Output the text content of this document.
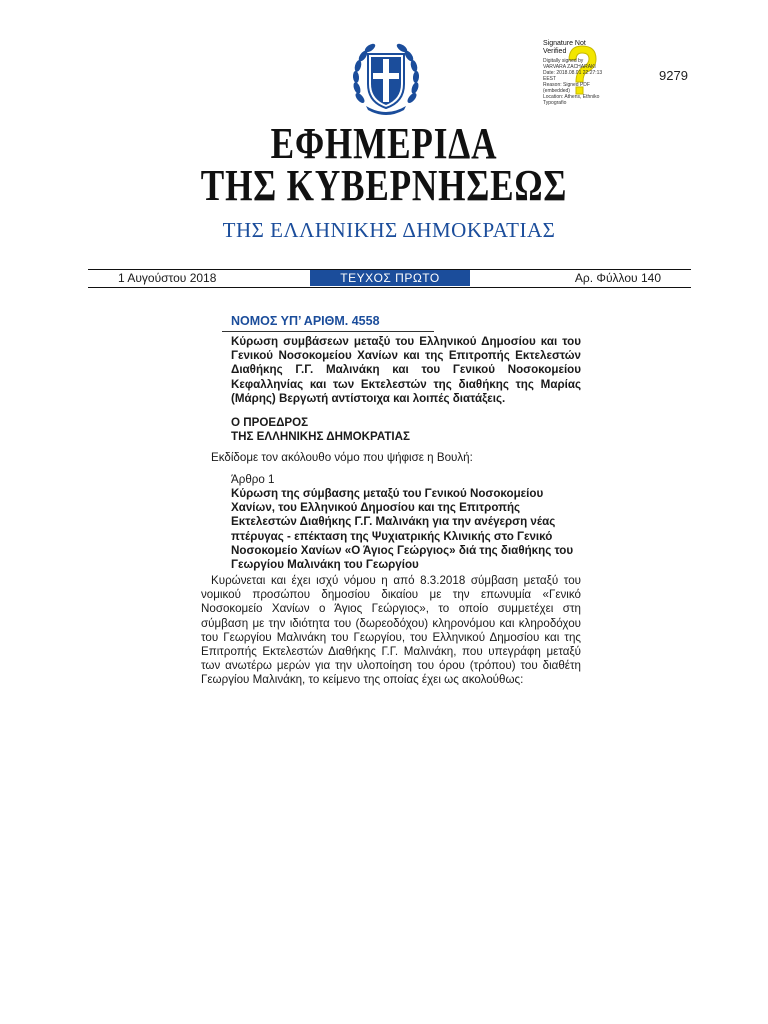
Signature Not Verified
Digitally signed by
VARVARA ZACHARAKI
Date: 2018.08.01 22:27:13
EEST
Reason: Signed PDF
(embedded)
Location: Athens, Ethniko
Typografio
9279
ΕΦΗΜΕΡΙΔΑ
ΤΗΣ ΚΥΒΕΡΝΗΣΕΩΣ
ΤΗΣ ΕΛΛΗΝΙΚΗΣ ΔΗΜΟΚΡΑΤΙΑΣ
1 Αυγούστου 2018	ΤΕΥΧΟΣ ΠΡΩΤΟ	Αρ. Φύλλου 140
ΝΟΜΟΣ ΥΠ’ ΑΡΙΘΜ. 4558
Κύρωση συμβάσεων μεταξύ του Ελληνικού Δημοσίου και του Γενικού Νοσοκομείου Χανίων και της Επιτροπής Εκτελεστών Διαθήκης Γ.Γ. Μαλινάκη και του Γενικού Νοσοκομείου Κεφαλληνίας και των Εκτελεστών της διαθήκης της Μαρίας (Μάρης) Βεργωτή αντίστοιχα και λοιπές διατάξεις.
Ο ΠΡΟΕΔΡΟΣ
ΤΗΣ ΕΛΛΗΝΙΚΗΣ ΔΗΜΟΚΡΑΤΙΑΣ
Εκδίδομε τον ακόλουθο νόμο που ψήφισε η Βουλή:
Άρθρο 1
Κύρωση της σύμβασης μεταξύ του Γενικού Νοσοκομείου Χανίων, του Ελληνικού Δημοσίου και της Επιτροπής Εκτελεστών Διαθήκης Γ.Γ. Μαλινάκη για την ανέγερση νέας πτέρυγας - επέκταση της Ψυχιατρικής Κλινικής στο Γενικό Νοσοκομείο Χανίων «Ο Άγιος Γεώργιος» διά της διαθήκης του Γεωργίου Μαλινάκη του Γεωργίου
Κυρώνεται και έχει ισχύ νόμου η από 8.3.2018 σύμβαση μεταξύ του νομικού προσώπου δημοσίου δικαίου με την επωνυμία «Γενικό Νοσοκομείο Χανίων ο Άγιος Γεώργιος», το οποίο συμμετέχει στη σύμβαση με την ιδιότητα του (δωρεοδόχου) κληρονόμου και κληροδόχου του Γεωργίου Μαλινάκη του Γεωργίου, του Ελληνικού Δημοσίου και της Επιτροπής Εκτελεστών Διαθήκης Γ.Γ. Μαλινάκη, που υπεγράφη μεταξύ των ανωτέρω μερών για την υλοποίηση του όρου (τρόπου) του διαθέτη Γεωργίου Μαλινάκη, το κείμενο της οποίας έχει ως ακολούθως:
